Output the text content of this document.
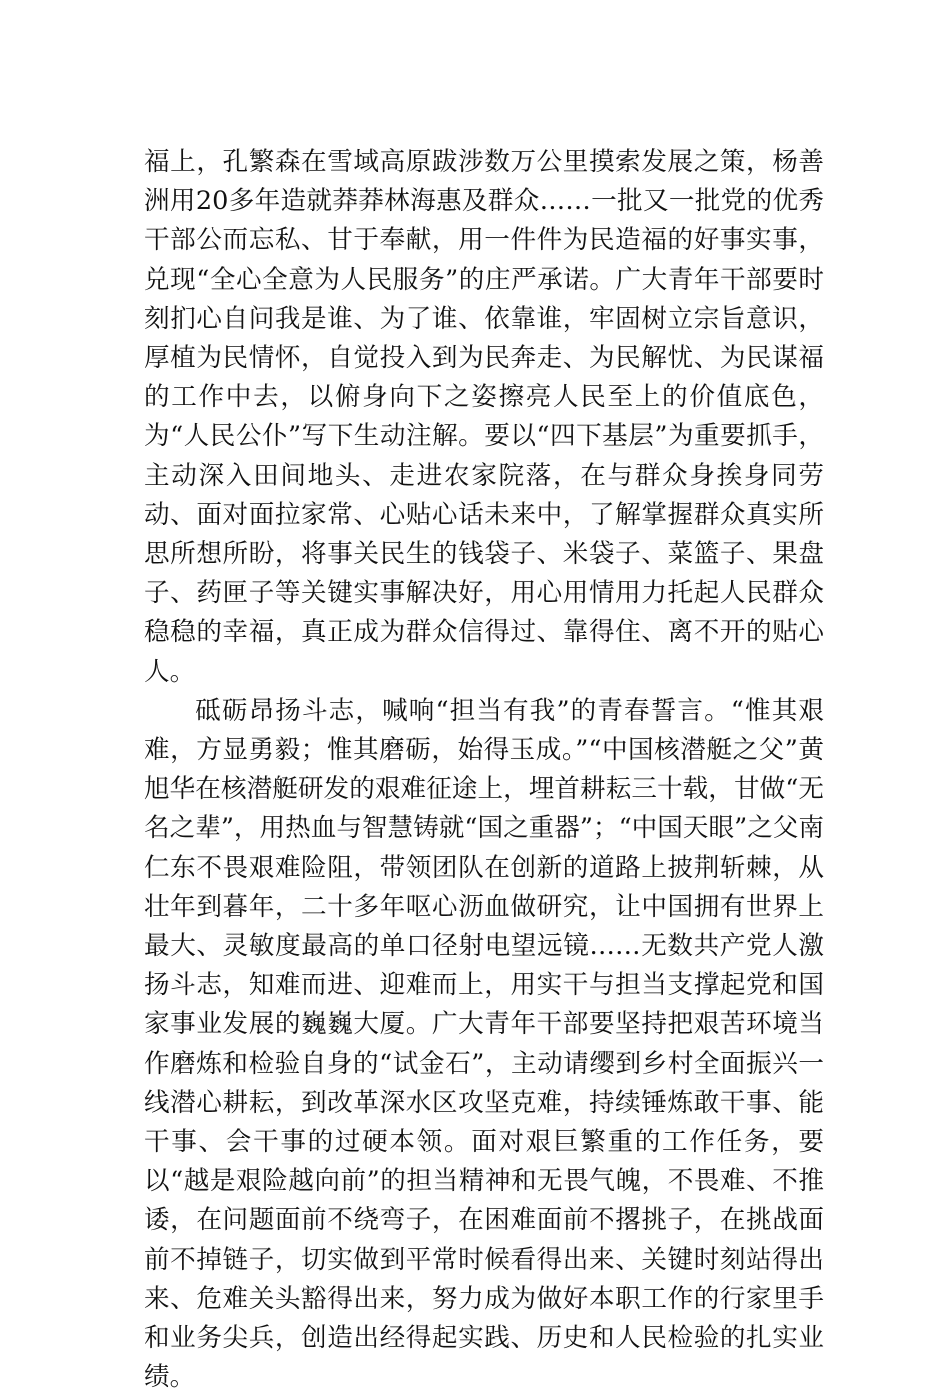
福上，孔繁森在雪域高原跋涉数万公里摸索发展之策，杨善洲用20多年造就莽莽林海惠及群众……一批又一批党的优秀干部公而忘私、甘于奉献，用一件件为民造福的好事实事，兑现“全心全意为人民服务”的庄严承诺。广大青年干部要时刻扪心自问我是谁、为了谁、依靠谁，牢固树立宗旨意识，厚植为民情怀，自觉投入到为民奔走、为民解忧、为民谋福的工作中去，以俯身向下之姿擦亮人民至上的价值底色，为“人民公仆”写下生动注解。要以“四下基层”为重要抓手，主动深入田间地头、走进农家院落，在与群众身挨身同劳动、面对面拉家常、心贴心话未来中，了解掌握群众真实所思所想所盼，将事关民生的钱袋子、米袋子、菜篮子、果盘子、药匣子等关键实事解决好，用心用情用力托起人民群众稳稳的幸福，真正成为群众信得过、靠得住、离不开的贴心人。

砥砺昂扬斗志，喊响“担当有我”的青春誓言。“惟其艰难，方显勇毅；惟其磨砺，始得玉成。”“中国核潜艇之父”黄旭华在核潜艇研发的艰难征途上，埋首耕耘三十载，甘做“无名之辈”，用热血与智慧铸就“国之重器”；“中国天眼”之父南仁东不畏艰难险阻，带领团队在创新的道路上披荆斩棘，从壮年到暮年，二十多年呕心沥血做研究，让中国拥有世界上最大、灵敏度最高的单口径射电望远镜……无数共产党人激扬斗志，知难而进、迎难而上，用实干与担当支撑起党和国家事业发展的巍巍大厦。广大青年干部要坚持把艰苦环境当作磨炼和检验自身的“试金石”，主动请缨到乡村全面振兴一线潜心耕耘，到改革深水区攻坚克难，持续锤炼敢干事、能干事、会干事的过硬本领。面对艰巨繁重的工作任务，要以“越是艰险越向前”的担当精神和无畏气魄，不畏难、不推诿，在问题面前不绕弯子，在困难面前不撂挑子，在挑战面前不掉链子，切实做到平常时候看得出来、关键时刻站得出来、危难关头豁得出来，努力成为做好本职工作的行家里手和业务尖兵，创造出经得起实践、历史和人民检验的扎实业绩。
